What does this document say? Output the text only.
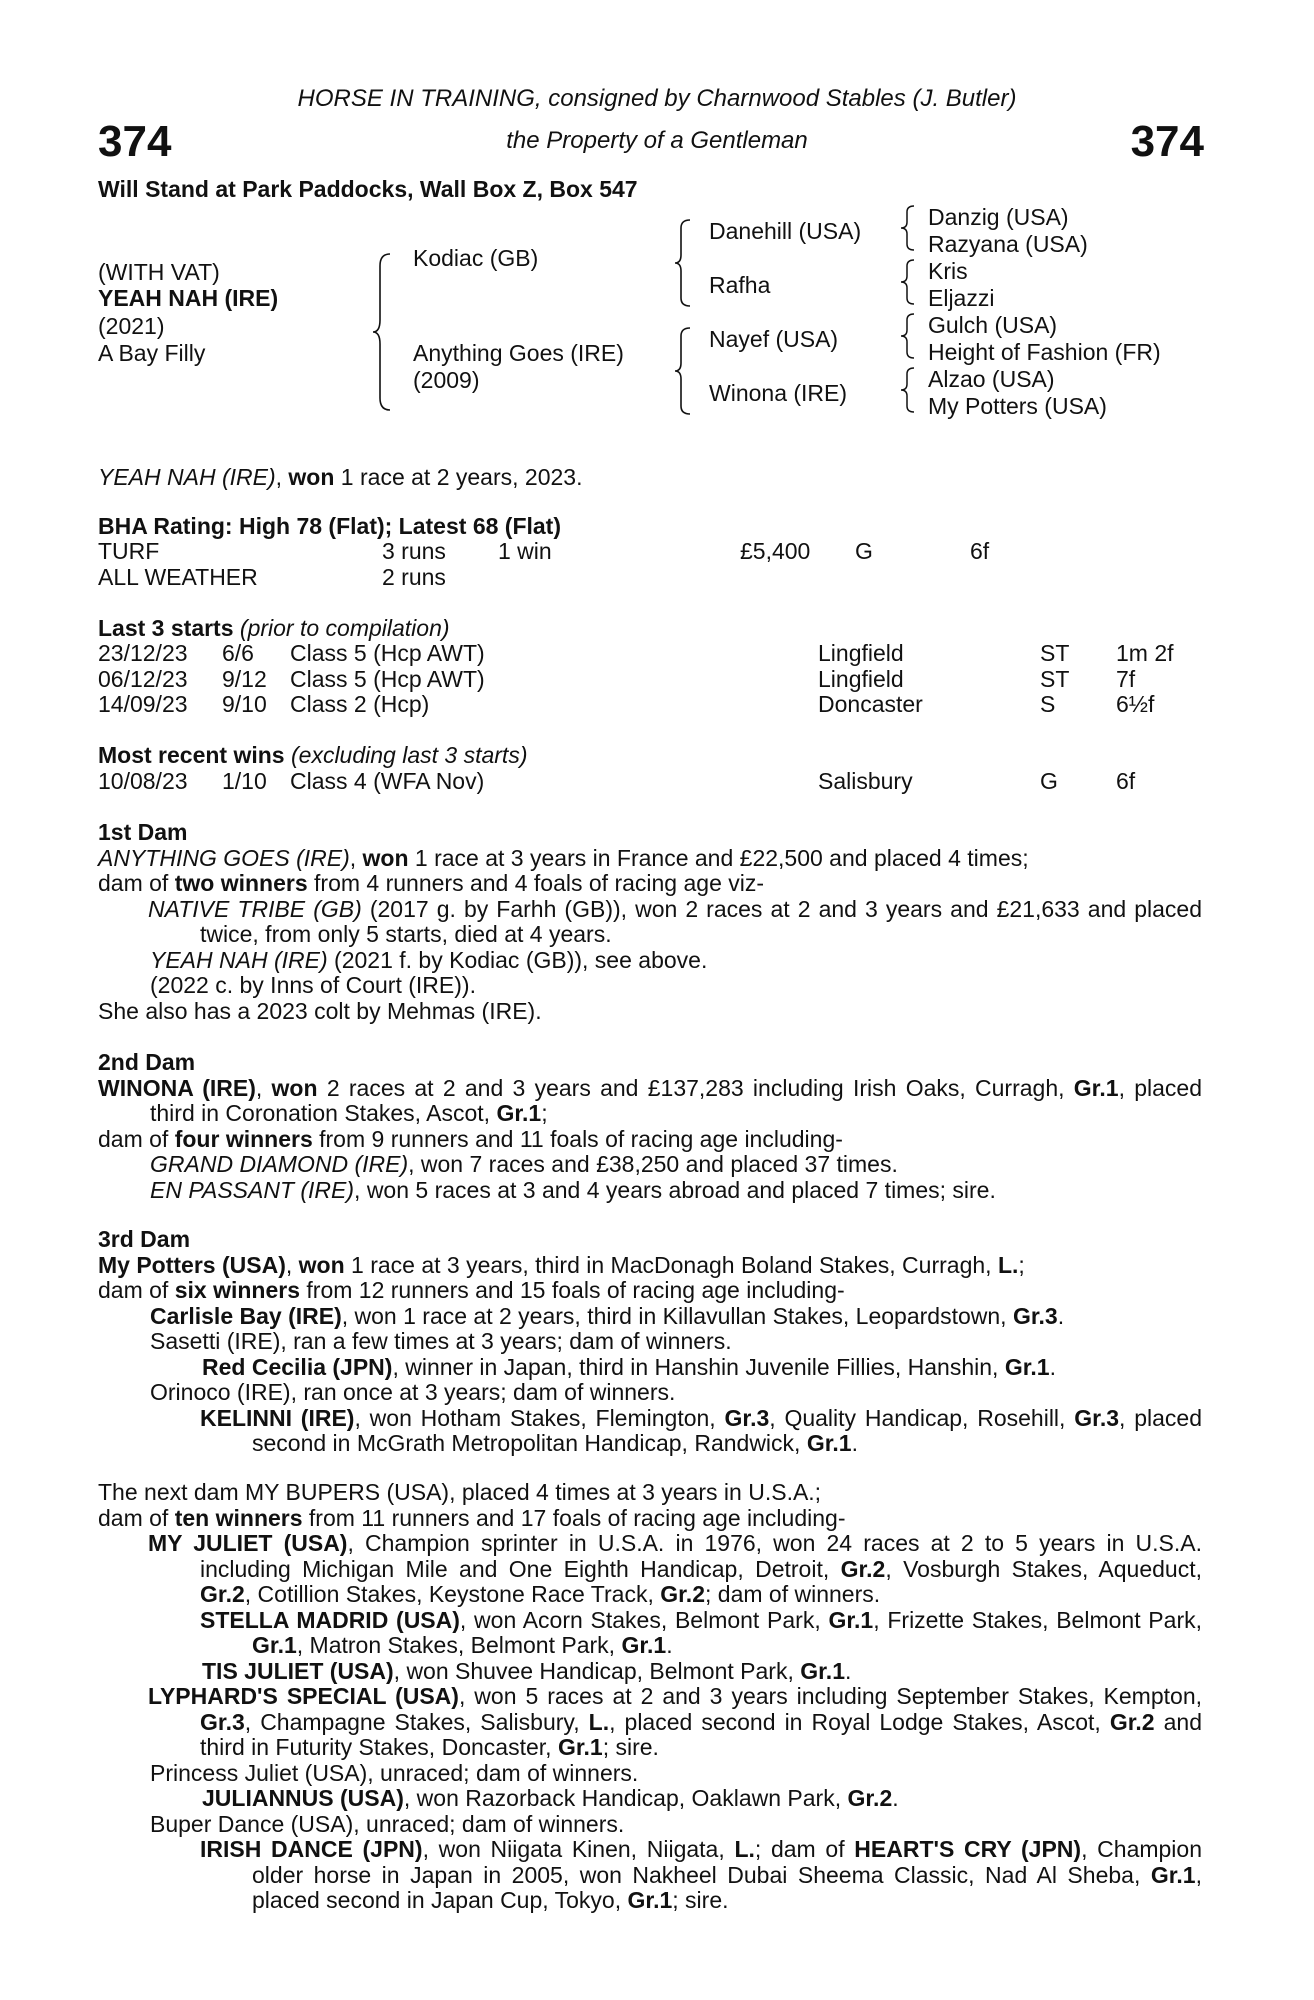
374	374
HORSE IN TRAINING, consigned by Charnwood Stables (J. Butler)
the Property of a Gentleman
Will Stand at Park Paddocks, Wall Box Z, Box 547
(WITH VAT)
YEAH NAH (IRE)
(2021)
A Bay Filly
Kodiac (GB)
Anything Goes (IRE)
(2009)
Danehill (USA)
Rafha
Nayef (USA)
Winona (IRE)
Danzig (USA)
Razyana (USA)
Kris
Eljazzi
Gulch (USA)
Height of Fashion (FR)
Alzao (USA)
My Potters (USA)
YEAH NAH (IRE), won 1 race at 2 years, 2023.
BHA Rating: High 78 (Flat); Latest 68 (Flat)
TURF	3 runs 1 win	£5,400 G	6f
ALL WEATHER	2 runs
Last 3 starts (prior to compilation)
23/12/23 6/6 Class 5 (Hcp AWT)	Lingfield	ST 1m 2f
06/12/23 9/12 Class 5 (Hcp AWT)	Lingfield	ST 7f
14/09/23 9/10 Class 2 (Hcp)	Doncaster	S	6½f
Most recent wins (excluding last 3 starts)
10/08/23 1/10 Class 4 (WFA Nov)	Salisbury	G	6f

1st Dam

ANYTHING GOES (IRE), won 1 race at 3 years in France and £22,500 and placed 4 times;

dam of two winners from 4 runners and 4 foals of racing age viz-

NATIVE TRIBE (GB) (2017 g. by Farhh (GB)), won 2 races at 2 and 3 years and £21,633 and placed twice, from only 5 starts, died at 4 years.

YEAH NAH (IRE) (2021 f. by Kodiac (GB)), see above.

(2022 c. by Inns of Court (IRE)).

She also has a 2023 colt by Mehmas (IRE).

2nd Dam

WINONA (IRE), won 2 races at 2 and 3 years and £137,283 including Irish Oaks, Curragh, Gr.1, placed third in Coronation Stakes, Ascot, Gr.1;

dam of four winners from 9 runners and 11 foals of racing age including-

GRAND DIAMOND (IRE), won 7 races and £38,250 and placed 37 times.

EN PASSANT (IRE), won 5 races at 3 and 4 years abroad and placed 7 times; sire.

3rd Dam

My Potters (USA), won 1 race at 3 years, third in MacDonagh Boland Stakes, Curragh, L.;

dam of six winners from 12 runners and 15 foals of racing age including-

Carlisle Bay (IRE), won 1 race at 2 years, third in Killavullan Stakes, Leopardstown, Gr.3.

Sasetti (IRE), ran a few times at 3 years; dam of winners.

Red Cecilia (JPN), winner in Japan, third in Hanshin Juvenile Fillies, Hanshin, Gr.1.

Orinoco (IRE), ran once at 3 years; dam of winners.

KELINNI (IRE), won Hotham Stakes, Flemington, Gr.3, Quality Handicap, Rosehill, Gr.3, placed second in McGrath Metropolitan Handicap, Randwick, Gr.1.

The next dam MY BUPERS (USA), placed 4 times at 3 years in U.S.A.;

dam of ten winners from 11 runners and 17 foals of racing age including-

MY JULIET (USA), Champion sprinter in U.S.A. in 1976, won 24 races at 2 to 5 years in U.S.A. including Michigan Mile and One Eighth Handicap, Detroit, Gr.2, Vosburgh Stakes, Aqueduct, Gr.2, Cotillion Stakes, Keystone Race Track, Gr.2; dam of winners.

STELLA MADRID (USA), won Acorn Stakes, Belmont Park, Gr.1, Frizette Stakes, Belmont Park, Gr.1, Matron Stakes, Belmont Park, Gr.1.

TIS JULIET (USA), won Shuvee Handicap, Belmont Park, Gr.1.

LYPHARD'S SPECIAL (USA), won 5 races at 2 and 3 years including September Stakes, Kempton, Gr.3, Champagne Stakes, Salisbury, L., placed second in Royal Lodge Stakes, Ascot, Gr.2 and third in Futurity Stakes, Doncaster, Gr.1; sire.

Princess Juliet (USA), unraced; dam of winners.

JULIANNUS (USA), won Razorback Handicap, Oaklawn Park, Gr.2.

Buper Dance (USA), unraced; dam of winners.

IRISH DANCE (JPN), won Niigata Kinen, Niigata, L.; dam of HEART'S CRY (JPN), Champion older horse in Japan in 2005, won Nakheel Dubai Sheema Classic, Nad Al Sheba, Gr.1, placed second in Japan Cup, Tokyo, Gr.1; sire.
